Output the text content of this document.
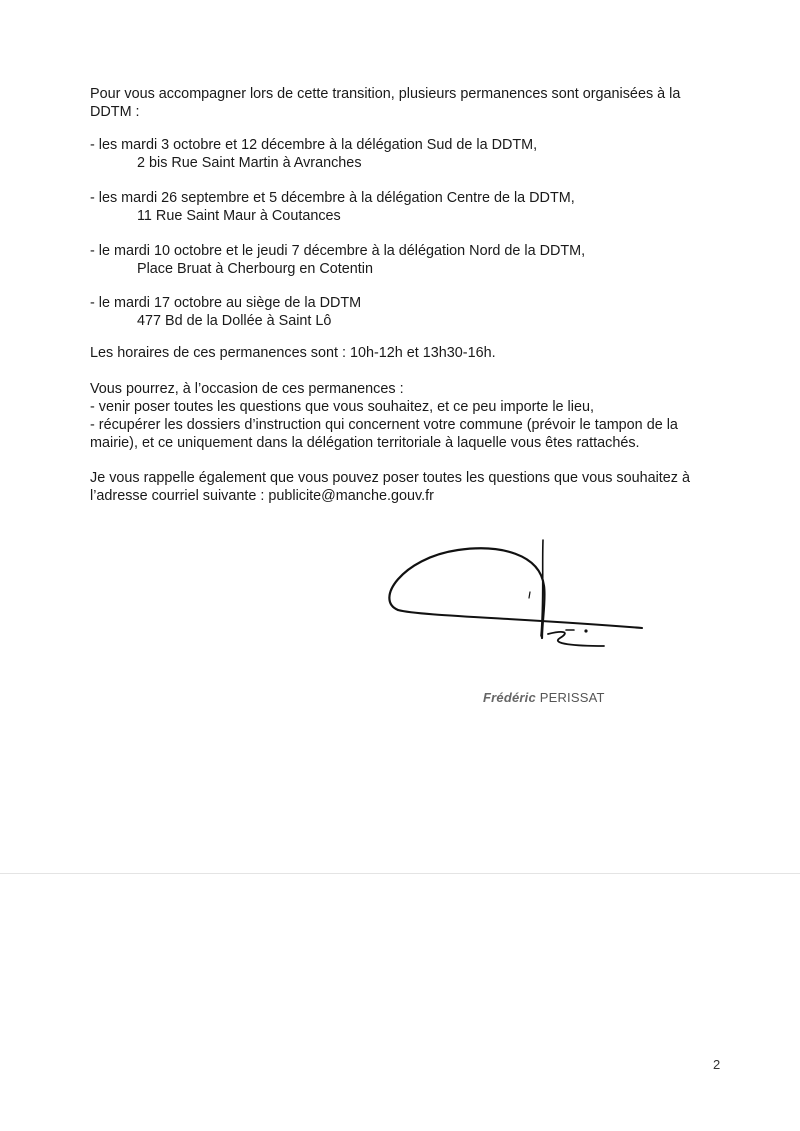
Pour vous accompagner lors de cette transition, plusieurs permanences sont organisées à la
DDTM :
- les mardi 3 octobre et 12 décembre à la délégation Sud de la DDTM,
2 bis Rue Saint Martin à Avranches
- les mardi 26 septembre et 5 décembre à la délégation Centre de la DDTM,
11 Rue Saint Maur à Coutances
- le mardi 10 octobre et le jeudi 7 décembre à la délégation Nord de la DDTM,
Place Bruat à Cherbourg en Cotentin
- le mardi 17 octobre au siège de la DDTM
477 Bd de la Dollée à Saint Lô
Les horaires de ces permanences sont : 10h-12h et 13h30-16h.
Vous pourrez, à l’occasion de ces permanences :
- venir poser toutes les questions que vous souhaitez, et ce peu importe le lieu,
- récupérer les dossiers d’instruction qui concernent votre commune (prévoir le tampon de la
mairie), et ce uniquement dans la délégation territoriale à laquelle vous êtes rattachés.
Je vous rappelle également que vous pouvez poser toutes les questions que vous souhaitez à
l’adresse courriel suivante : publicite@manche.gouv.fr
Frédéric PERISSAT
2
